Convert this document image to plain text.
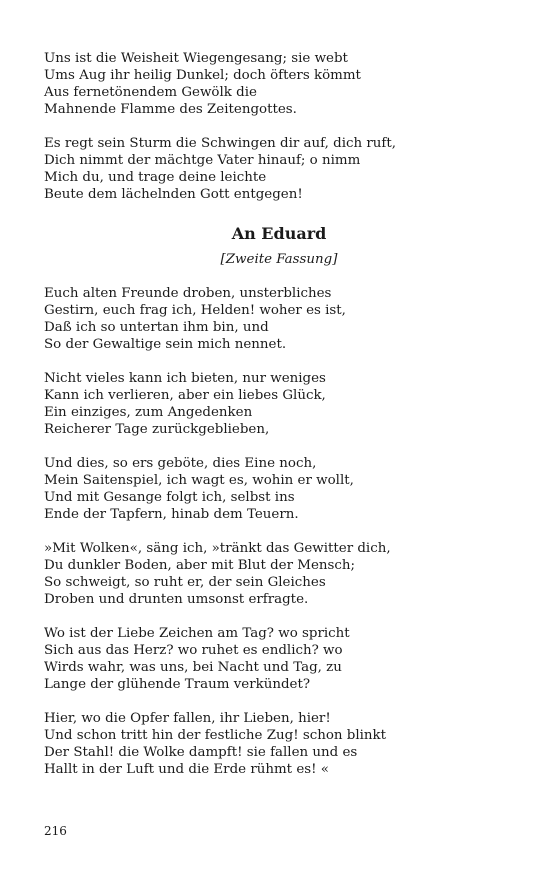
Uns ist die Weisheit Wiegengesang; sie webt
Ums Aug ihr heilig Dunkel; doch öfters kömmt
Aus fernetönendem Gewölk die
Mahnende Flamme des Zeitengottes.
Es regt sein Sturm die Schwingen dir auf, dich ruft,
Dich nimmt der mächtge Vater hinauf; o nimm
Mich du, und trage deine leichte
Beute dem lächelnden Gott entgegen!
An Eduard
[Zweite Fassung]
Euch alten Freunde droben, unsterbliches
Gestirn, euch frag ich, Helden! woher es ist,
Daß ich so untertan ihm bin, und
So der Gewaltige sein mich nennet.
Nicht vieles kann ich bieten, nur weniges
Kann ich verlieren, aber ein liebes Glück,
Ein einziges, zum Angedenken
Reicherer Tage zurückgeblieben,
Und dies, so ers geböte, dies Eine noch,
Mein Saitenspiel, ich wagt es, wohin er wollt,
Und mit Gesange folgt ich, selbst ins
Ende der Tapfern, hinab dem Teuern.
»Mit Wolken«, säng ich, »tränkt das Gewitter dich,
Du dunkler Boden, aber mit Blut der Mensch;
So schweigt, so ruht er, der sein Gleiches
Droben und drunten umsonst erfragte.
Wo ist der Liebe Zeichen am Tag? wo spricht
Sich aus das Herz? wo ruhet es endlich? wo
Wirds wahr, was uns, bei Nacht und Tag, zu
Lange der glühende Traum verkündet?
Hier, wo die Opfer fallen, ihr Lieben, hier!
Und schon tritt hin der festliche Zug! schon blinkt
Der Stahl! die Wolke dampft! sie fallen und es
Hallt in der Luft und die Erde rühmt es! «
216
